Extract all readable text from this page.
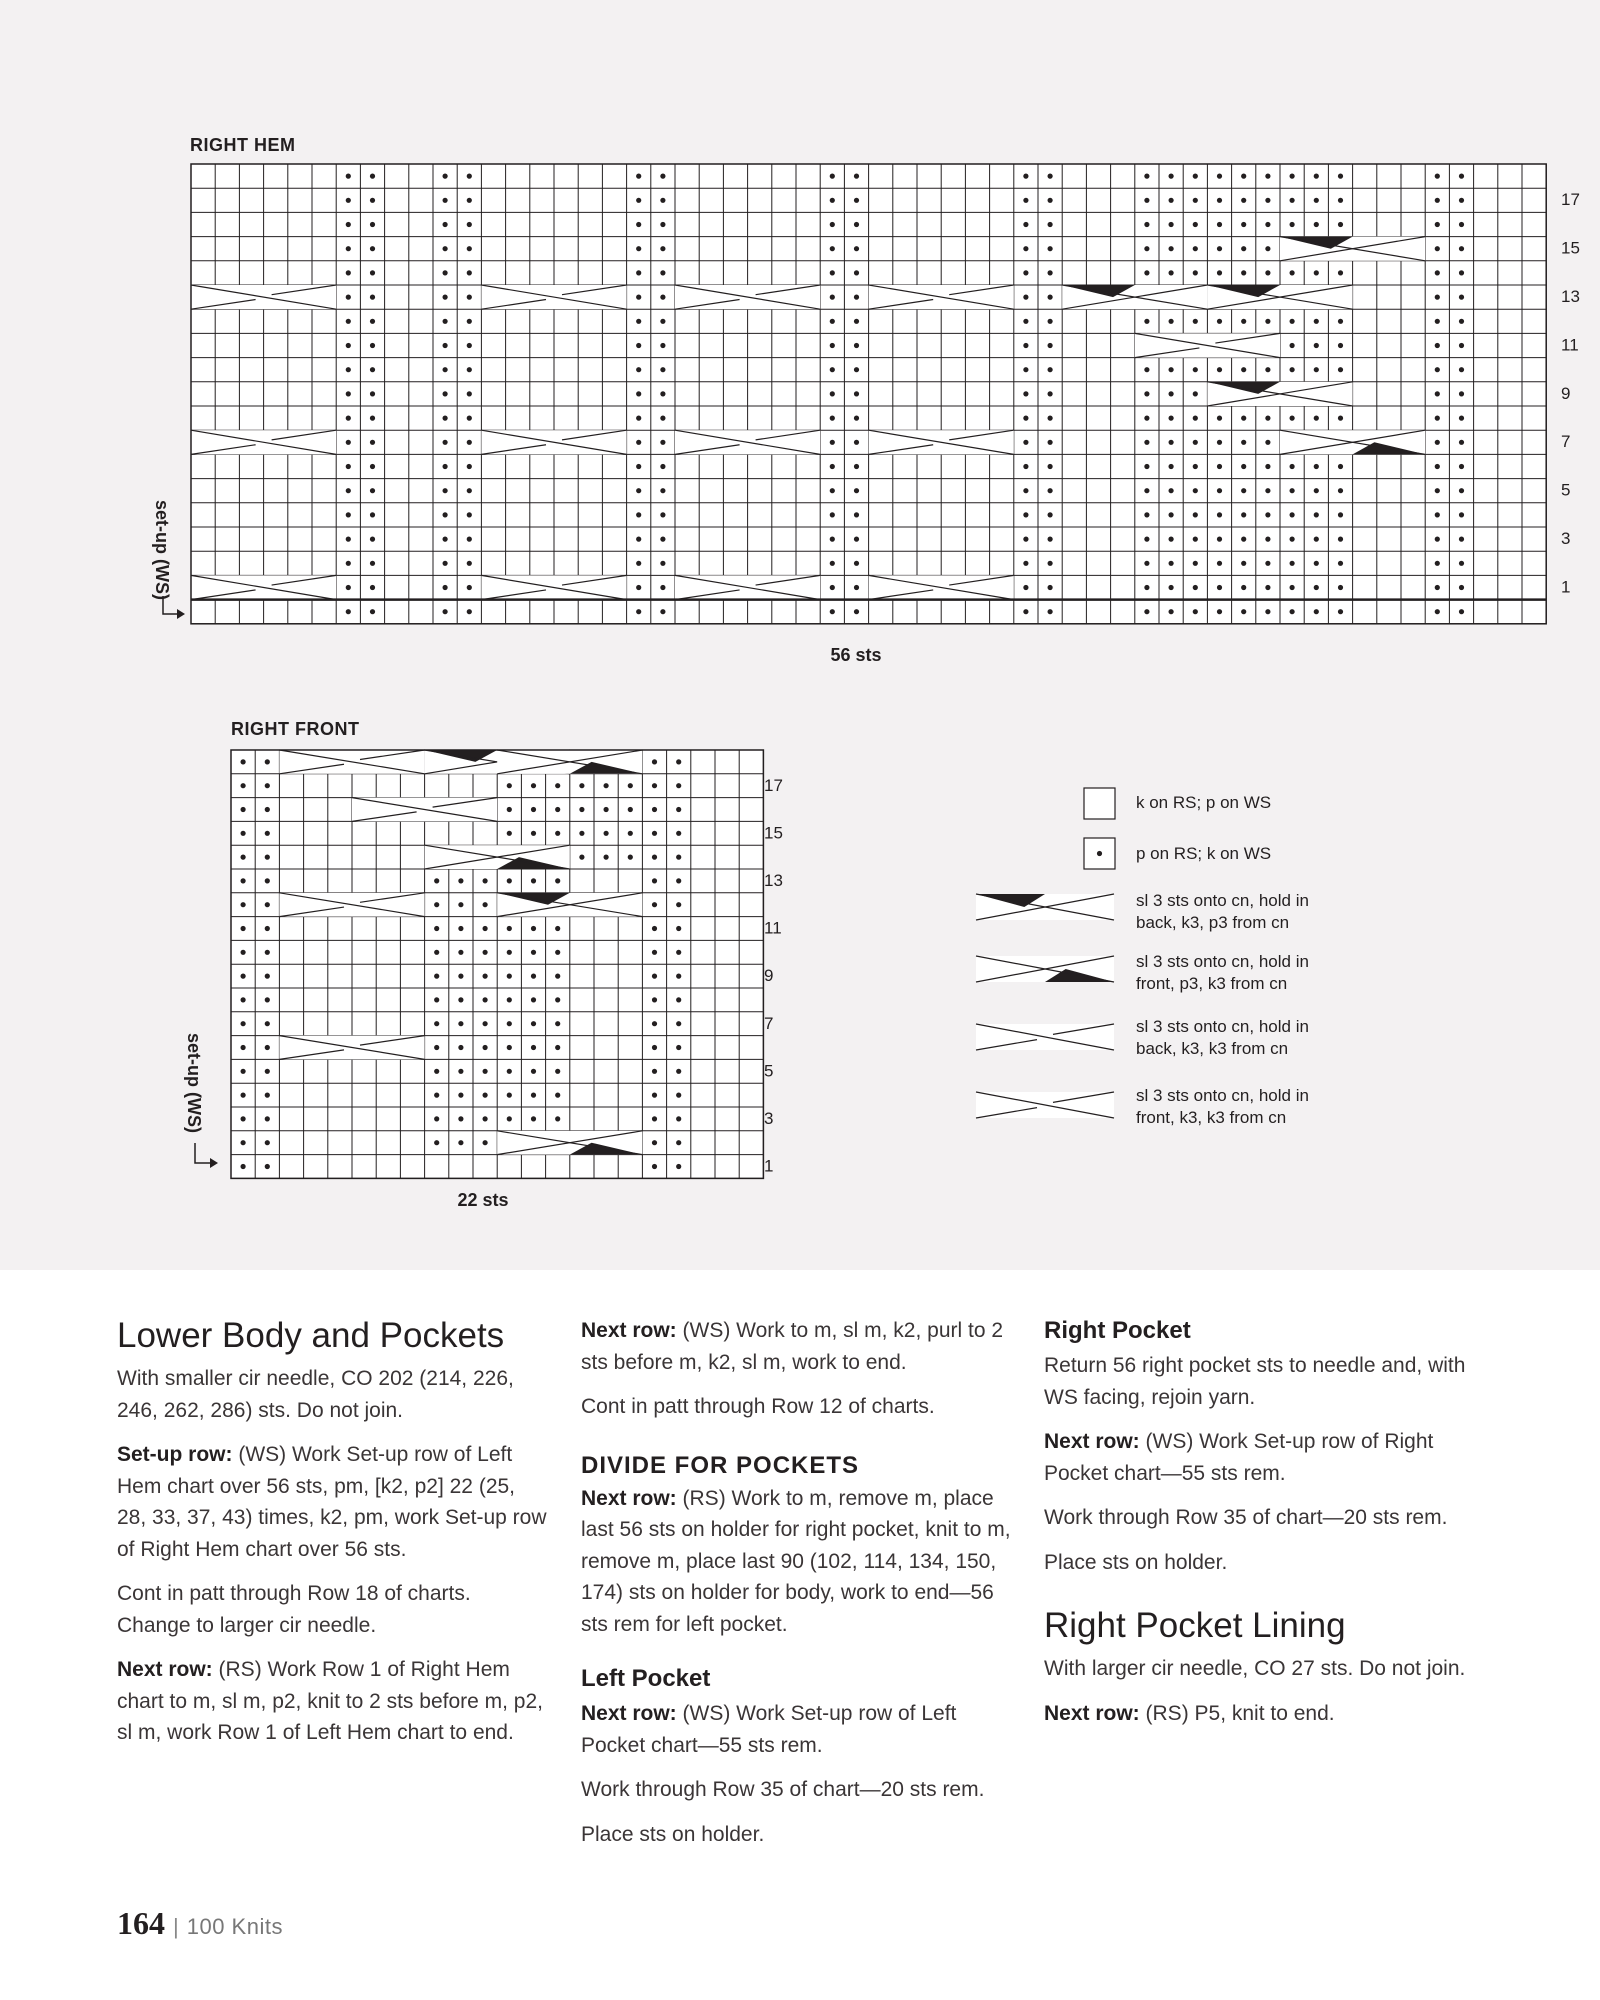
RIGHT HEM
56 sts
17
15
13
11
9
7
5
3
1
set-up (WS)
RIGHT FRONT
22 sts
17
15
13
11
9
7
5
3
1
set-up (WS)
k on RS; p on WS
p on RS; k on WS
sl 3 sts onto cn, hold in
back, k3, p3 from cn
sl 3 sts onto cn, hold in
front, p3, k3 from cn
sl 3 sts onto cn, hold in
back, k3, k3 from cn
sl 3 sts onto cn, hold in
front, k3, k3 from cn
Lower Body and Pockets

With smaller cir needle, CO 202 (214, 226, 246, 262, 286) sts. Do not join.

Set-up row: (WS) Work Set-up row of Left Hem chart over 56 sts, pm, [k2, p2] 22 (25, 28, 33, 37, 43) times, k2, pm, work Set-up row of Right Hem chart over 56 sts.

Cont in patt through Row 18 of charts. Change to larger cir needle.

Next row: (RS) Work Row 1 of Right Hem chart to m, sl m, p2, knit to 2 sts before m, p2, sl m, work Row 1 of Left Hem chart to end.

Next row: (WS) Work to m, sl m, k2, purl to 2 sts before m, k2, sl m, work to end.

Cont in patt through Row 12 of charts.

DIVIDE FOR POCKETS

Next row: (RS) Work to m, remove m, place last 56 sts on holder for right pocket, knit to m, remove m, place last 90 (102, 114, 134, 150, 174) sts on holder for body, work to end—56 sts rem for left pocket.

Left Pocket

Next row: (WS) Work Set-up row of Left Pocket chart—55 sts rem.

Work through Row 35 of chart—20 sts rem.

Place sts on holder.

Right Pocket

Return 56 right pocket sts to needle and, with WS facing, rejoin yarn.

Next row: (WS) Work Set-up row of Right Pocket chart—55 sts rem.

Work through Row 35 of chart—20 sts rem.

Place sts on holder.

Right Pocket Lining

With larger cir needle, CO 27 sts. Do not join.

Next row: (RS) P5, knit to end.

164 | 100 Knits
